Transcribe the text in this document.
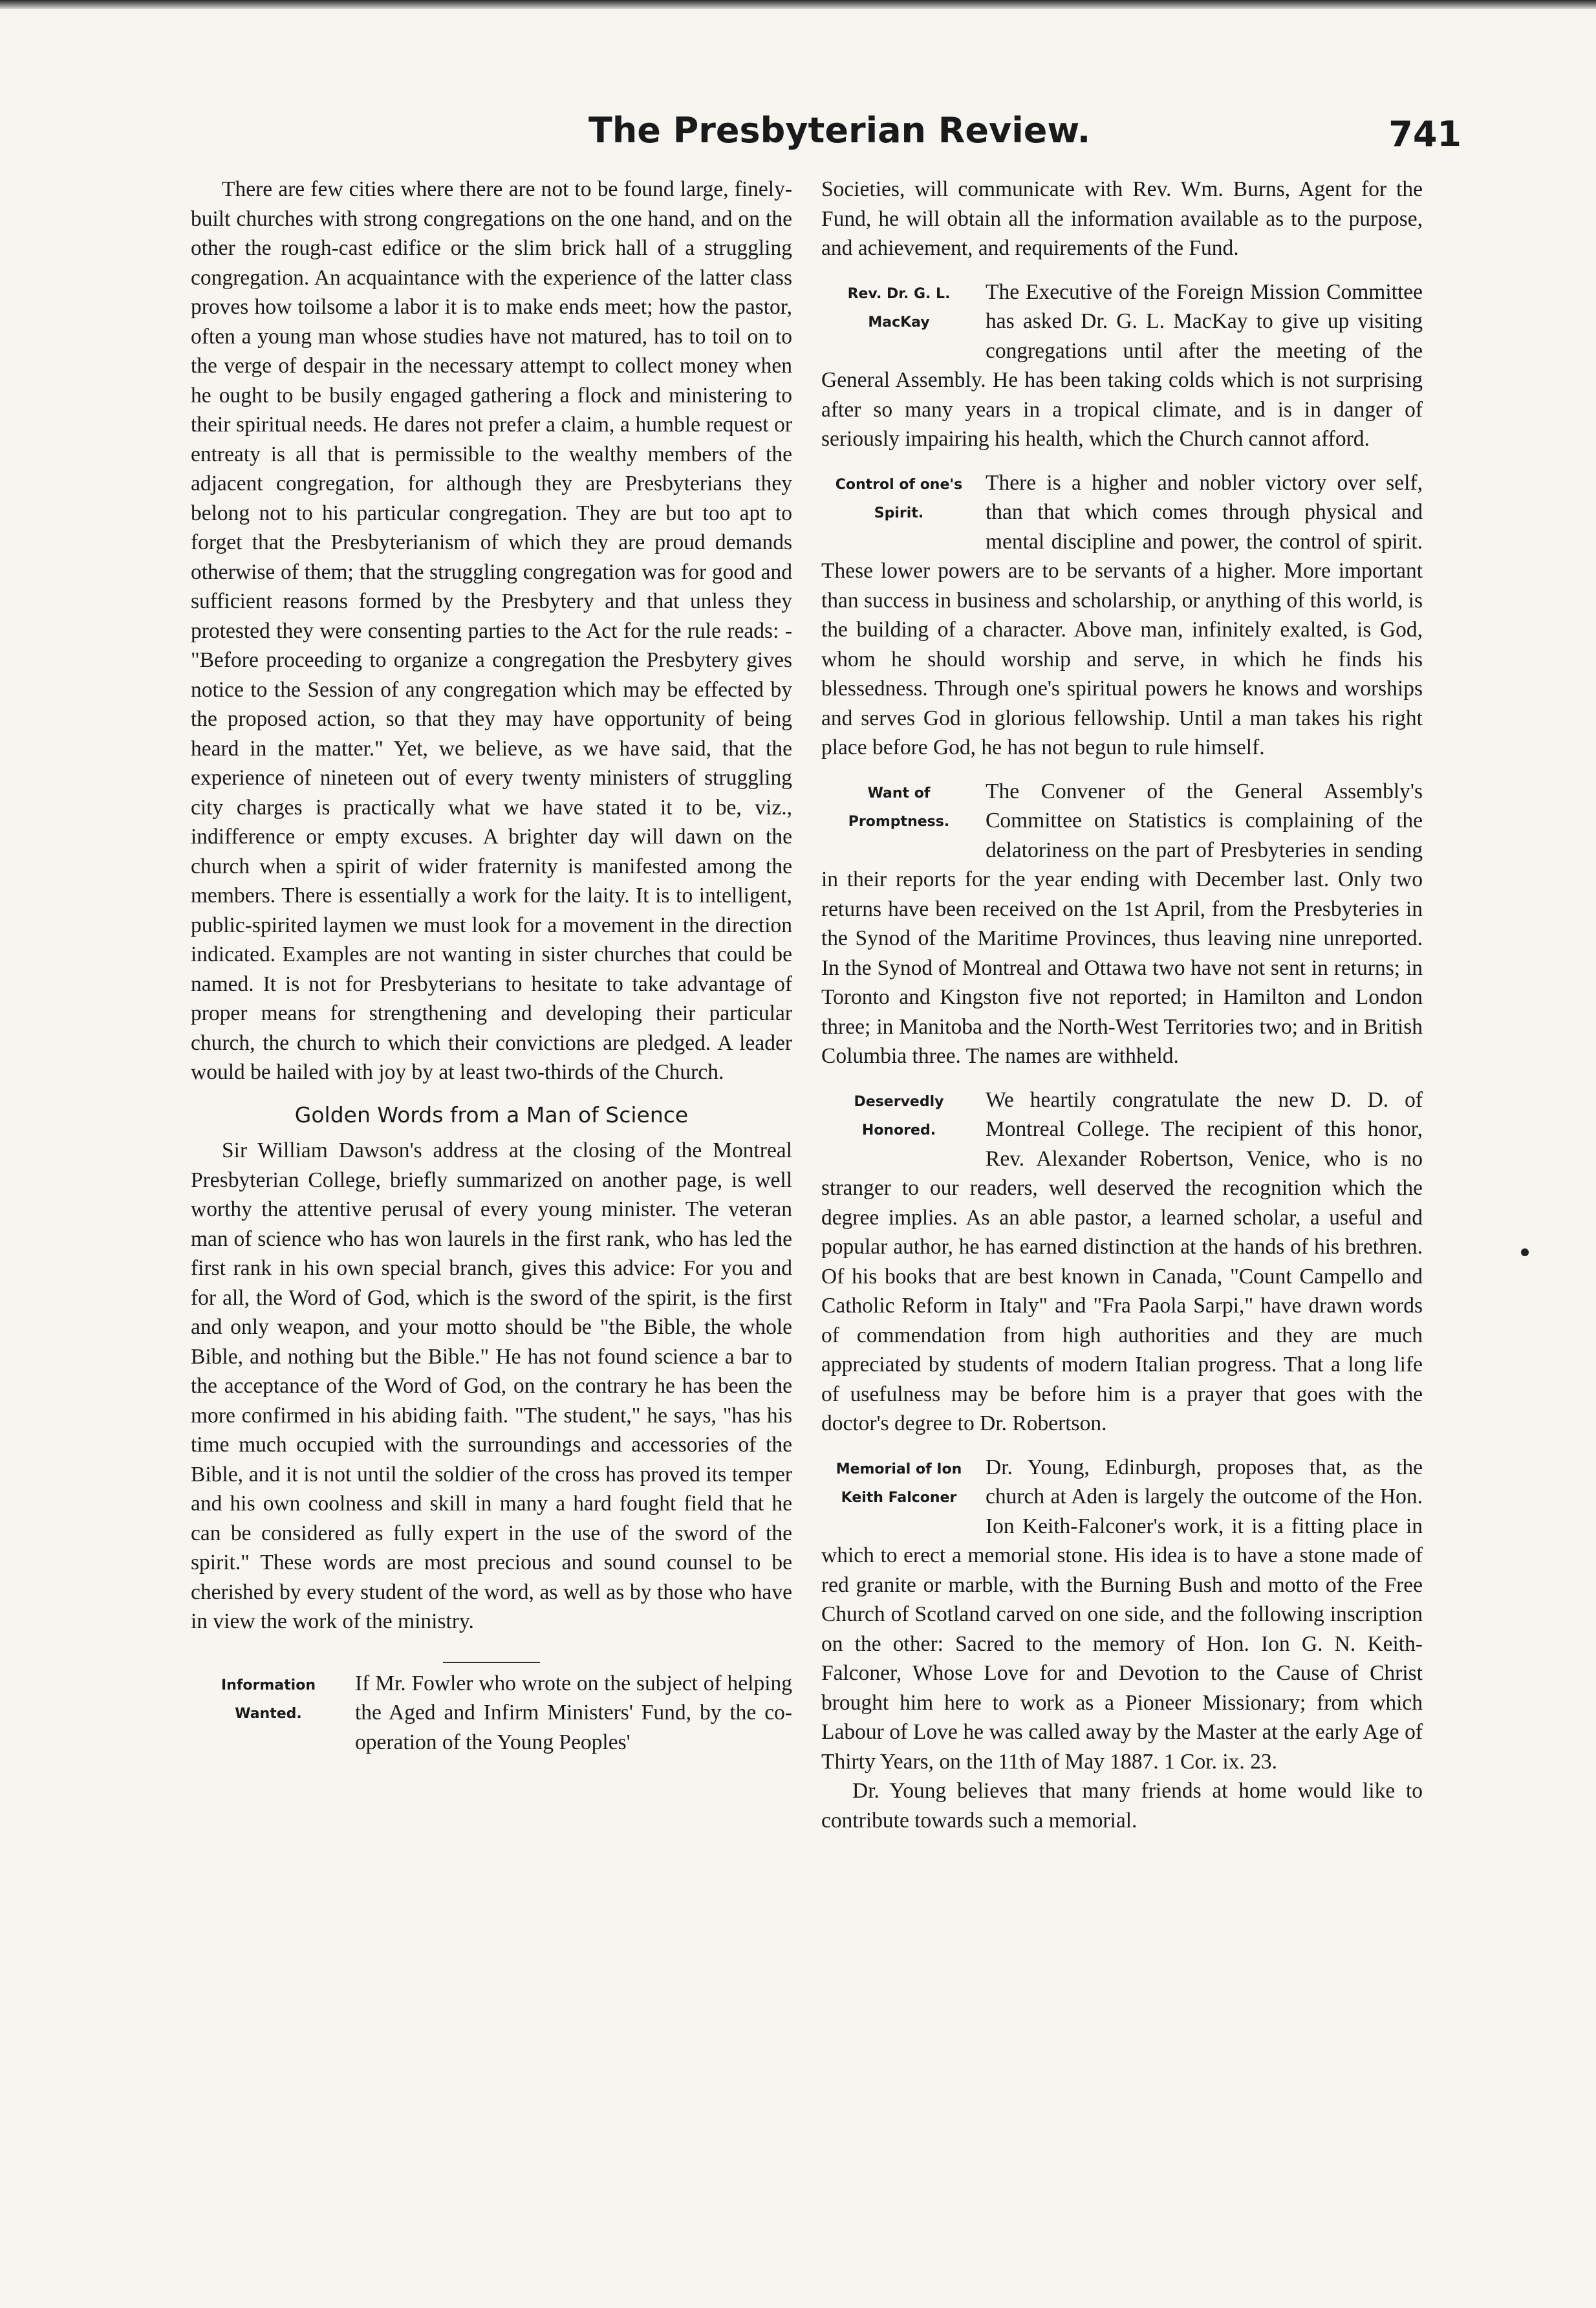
The Presbyterian Review.	741

There are few cities where there are not to be found large, finely-built churches with strong congregations on the one hand, and on the other the rough-cast edifice or the slim brick hall of a struggling congregation. An acquaintance with the experience of the latter class proves how toilsome a labor it is to make ends meet; how the pastor, often a young man whose studies have not matured, has to toil on to the verge of despair in the necessary attempt to collect money when he ought to be busily engaged gathering a flock and ministering to their spiritual needs. He dares not prefer a claim, a humble request or entreaty is all that is permissible to the wealthy members of the adjacent congregation, for although they are Presbyterians they belong not to his particular congregation. They are but too apt to forget that the Presbyterianism of which they are proud demands otherwise of them; that the struggling congregation was for good and sufficient reasons formed by the Presbytery and that unless they protested they were consenting parties to the Act for the rule reads: - "Before proceeding to organize a congregation the Presbytery gives notice to the Session of any congregation which may be effected by the proposed action, so that they may have opportunity of being heard in the matter." Yet, we believe, as we have said, that the experience of nineteen out of every twenty ministers of struggling city charges is practically what we have stated it to be, viz., indifference or empty excuses. A brighter day will dawn on the church when a spirit of wider fraternity is manifested among the members. There is essentially a work for the laity. It is to intelligent, public-spirited laymen we must look for a movement in the direction indicated. Examples are not wanting in sister churches that could be named. It is not for Presbyterians to hesitate to take advantage of proper means for strengthening and developing their particular church, the church to which their convictions are pledged. A leader would be hailed with joy by at least two-thirds of the Church.

Golden Words from a Man of Science

Sir William Dawson's address at the closing of the Montreal Presbyterian College, briefly summarized on another page, is well worthy the attentive perusal of every young minister. The veteran man of science who has won laurels in the first rank, who has led the first rank in his own special branch, gives this advice: For you and for all, the Word of God, which is the sword of the spirit, is the first and only weapon, and your motto should be "the Bible, the whole Bible, and nothing but the Bible." He has not found science a bar to the acceptance of the Word of God, on the contrary he has been the more confirmed in his abiding faith. "The student," he says, "has his time much occupied with the surroundings and accessories of the Bible, and it is not until the soldier of the cross has proved its temper and his own coolness and skill in many a hard fought field that he can be considered as fully expert in the use of the sword of the spirit." These words are most precious and sound counsel to be cherished by every student of the word, as well as by those who have in view the work of the ministry.

Information Wanted.

If Mr. Fowler who wrote on the subject of helping the Aged and Infirm Ministers' Fund, by the co-operation of the Young Peoples'

Societies, will communicate with Rev. Wm. Burns, Agent for the Fund, he will obtain all the information available as to the purpose, and achievement, and requirements of the Fund.

Rev. Dr. G. L. MacKay

The Executive of the Foreign Mission Committee has asked Dr. G. L. MacKay to give up visiting congregations until after the meeting of the General Assembly. He has been taking colds which is not surprising after so many years in a tropical climate, and is in danger of seriously impairing his health, which the Church cannot afford.

Control of one's Spirit.

There is a higher and nobler victory over self, than that which comes through physical and mental discipline and power, the control of spirit. These lower powers are to be servants of a higher. More important than success in business and scholarship, or anything of this world, is the building of a character. Above man, infinitely exalted, is God, whom he should worship and serve, in which he finds his blessedness. Through one's spiritual powers he knows and worships and serves God in glorious fellowship. Until a man takes his right place before God, he has not begun to rule himself.

Want of Promptness.

The Convener of the General Assembly's Committee on Statistics is complaining of the delatoriness on the part of Presbyteries in sending in their reports for the year ending with December last. Only two returns have been received on the 1st April, from the Presbyteries in the Synod of the Maritime Provinces, thus leaving nine unreported. In the Synod of Montreal and Ottawa two have not sent in returns; in Toronto and Kingston five not reported; in Hamilton and London three; in Manitoba and the North-West Territories two; and in British Columbia three. The names are withheld.

Deservedly Honored.

We heartily congratulate the new D. D. of Montreal College. The recipient of this honor, Rev. Alexander Robertson, Venice, who is no stranger to our readers, well deserved the recognition which the degree implies. As an able pastor, a learned scholar, a useful and popular author, he has earned distinction at the hands of his brethren. Of his books that are best known in Canada, "Count Campello and Catholic Reform in Italy" and "Fra Paola Sarpi," have drawn words of commendation from high authorities and they are much appreciated by students of modern Italian progress. That a long life of usefulness may be before him is a prayer that goes with the doctor's degree to Dr. Robertson.

Memorial of Ion Keith Falconer

Dr. Young, Edinburgh, proposes that, as the church at Aden is largely the outcome of the Hon. Ion Keith-Falconer's work, it is a fitting place in which to erect a memorial stone. His idea is to have a stone made of red granite or marble, with the Burning Bush and motto of the Free Church of Scotland carved on one side, and the following inscription on the other: Sacred to the memory of Hon. Ion G. N. Keith-Falconer, Whose Love for and Devotion to the Cause of Christ brought him here to work as a Pioneer Missionary; from which Labour of Love he was called away by the Master at the early Age of Thirty Years, on the 11th of May 1887. 1 Cor. ix. 23.

Dr. Young believes that many friends at home would like to contribute towards such a memorial.
